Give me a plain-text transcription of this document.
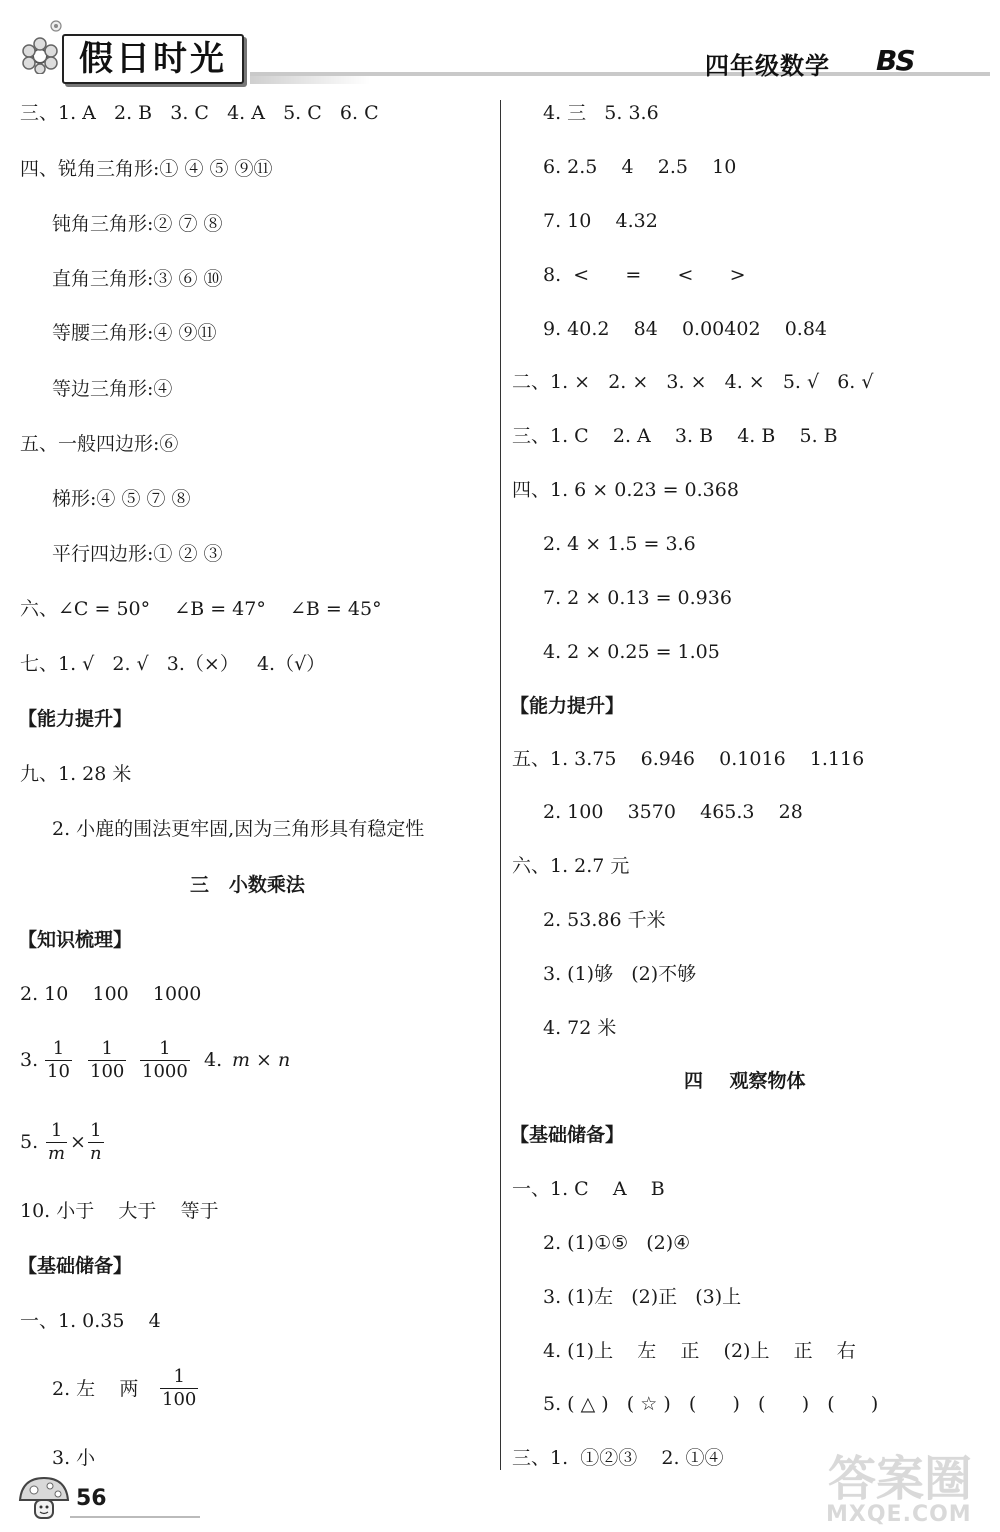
假日时光	四年级数学 BS
三、1. A   2. B   3. C   4. A   5. C   6. C
四、锐角三角形:① ④ ⑤ ⑨⑪
钝角三角形:② ⑦ ⑧
直角三角形:③ ⑥ ⑩
等腰三角形:④ ⑨⑪
等边三角形:④
五、一般四边形:⑥
梯形:④ ⑤ ⑦ ⑧
平行四边形:① ② ③
六、∠C = 50°    ∠B = 47°    ∠B = 45°
七、1. √   2. √   3.（×）   4.（√）
【能力提升】
九、1. 28 米
2. 小鹿的围法更牢固,因为三角形具有稳定性
三   小数乘法
【知识梳理】
2. 10    100    1000
3.
1
10
1
100
1
1000
4. m × n
5.
1
m
×
1
n
10. 小于    大于    等于
【基础储备】
一、1. 0.35    4
2. 左    两
1
100
3. 小
4. 三   5. 3.6
6. 2.5    4    2.5    10
7. 10    4.32
8.  <      =      <      >
9. 40.2    84    0.00402    0.84
二、1. ×   2. ×   3. ×   4. ×   5. √   6. √
三、1. C    2. A    3. B    4. B    5. B
四、1. 6 × 0.23 = 0.368
2. 4 × 1.5 = 3.6
7. 2 × 0.13 = 0.936
4. 2 × 0.25 = 1.05
【能力提升】
五、1. 3.75    6.946    0.1016    1.116
2. 100    3570    465.3    28
六、1. 2.7 元
2. 53.86 千米
3. (1)够   (2)不够
4. 72 米
四    观察物体
【基础储备】
一、1. C    A    B
2. (1)①⑤   (2)④
3. (1)左   (2)正   (3)上
4. (1)上    左    正    (2)上    正    右
5. ( △ )   ( ☆ )   (      )   (      )   (      )
三、1.  ①②③    2. ①④
56	答案圈
MXQE.COM
